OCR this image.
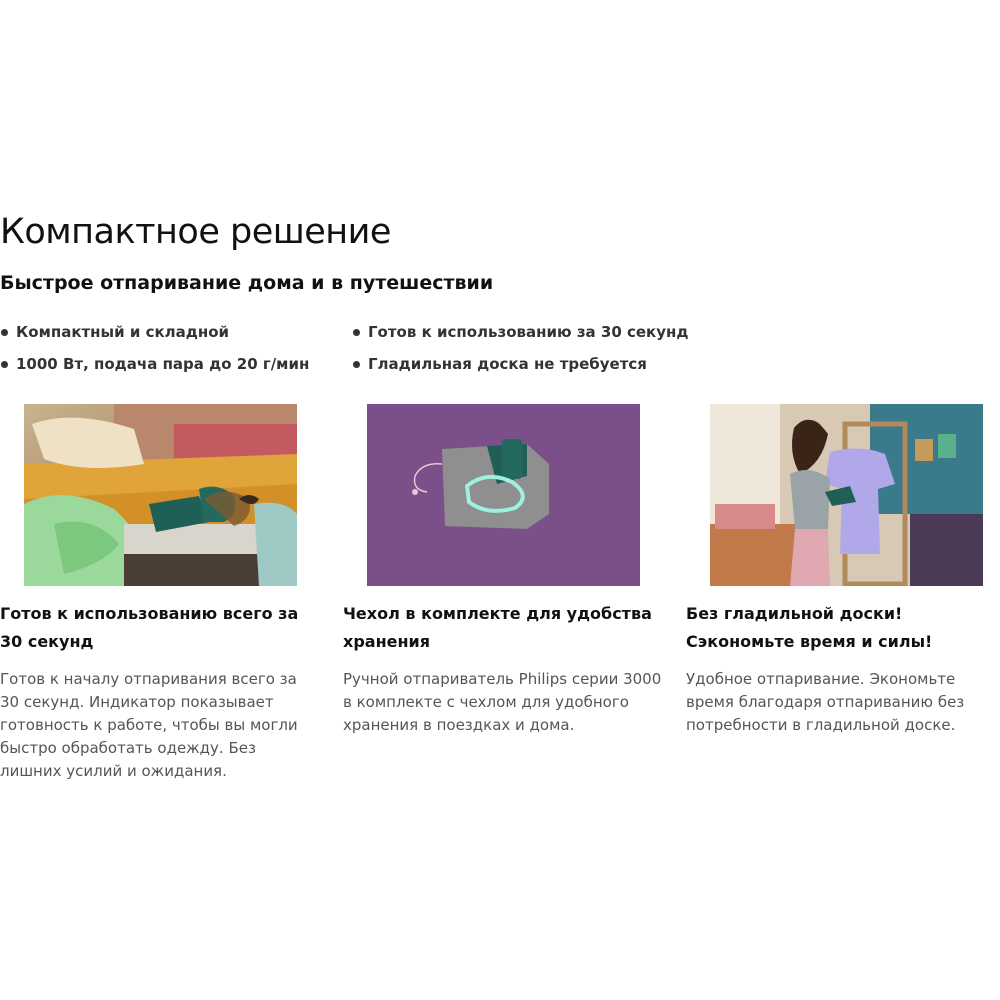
Компактное решение
Быстрое отпаривание дома и в путешествии
Компактный и складной
1000 Вт, подача пара до 20 г/мин
Готов к использованию за 30 секунд
Гладильная доска не требуется
Готов к использованию всего за 30 секунд

Готов к началу отпаривания всего за 30 секунд. Индикатор показывает готовность к работе, чтобы вы могли быстро обработать одежду. Без лишних усилий и ожидания.

Чехол в комплекте для удобства хранения

Ручной отпариватель Philips серии 3000 в комплекте с чехлом для удобного хранения в поездках и дома.

Без гладильной доски! Сэкономьте время и силы!

Удобное отпаривание. Экономьте время благодаря отпариванию без потребности в гладильной доске.
